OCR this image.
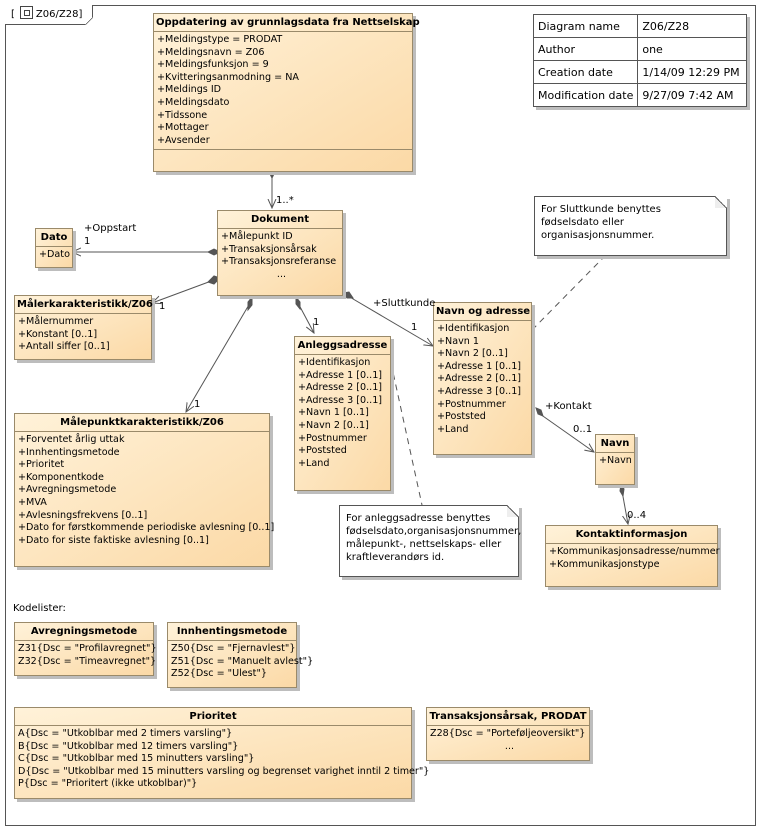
[ Z06/Z28]
Diagram name	Z06/Z28
Author	one
Creation date	1/14/09 12:29 PM
Modification date	9/27/09 7:42 AM
Oppdatering av grunnlagsdata fra Nettselskap
+Meldingstype = PRODAT
+Meldingsnavn = Z06
+Meldingsfunksjon = 9
+Kvitteringsanmodning = NA
+Meldings ID
+Meldingsdato
+Tidssone
+Mottager
+Avsender
Dokument
+Målepunkt ID
+Transaksjonsårsak
+Transaksjonsreferanse
...
Dato
+Dato
Målerkarakteristikk/Z06
+Målernummer
+Konstant [0..1]
+Antall siffer [0..1]
Målepunktkarakteristikk/Z06
+Forventet årlig uttak
+Innhentingsmetode
+Prioritet
+Komponentkode
+Avregningsmetode
+MVA
+Avlesningsfrekvens [0..1]
+Dato for førstkommende periodiske avlesning [0..1]
+Dato for siste faktiske avlesning [0..1]
Anleggsadresse
+Identifikasjon
+Adresse 1 [0..1]
+Adresse 2 [0..1]
+Adresse 3 [0..1]
+Navn 1 [0..1]
+Navn 2 [0..1]
+Postnummer
+Poststed
+Land
Navn og adresse
+Identifikasjon
+Navn 1
+Navn 2 [0..1]
+Adresse 1 [0..1]
+Adresse 2 [0..1]
+Adresse 3 [0..1]
+Postnummer
+Poststed
+Land
Navn
+Navn
Kontaktinformasjon
+Kommunikasjonsadresse/nummer
+Kommunikasjonstype
For Sluttkunde benyttes fødselsdato eller organisasjonsnummer.
For anleggsadresse benyttes fødselsdato,organisasjonsnummer, målepunkt-, nettselskaps- eller kraftleverandørs id.
1..*
+Oppstart
1
1
1
1
+Sluttkunde
1
+Kontakt
0..1
0..4
Kodelister:
Avregningsmetode
Z31{Dsc = "Profilavregnet"}
Z32{Dsc = "Timeavregnet"}
Innhentingsmetode
Z50{Dsc = "Fjernavlest"}
Z51{Dsc = "Manuelt avlest"}
Z52{Dsc = "Ulest"}
Prioritet
A{Dsc = "Utkoblbar med 2 timers varsling"}
B{Dsc = "Utkoblbar med 12 timers varsling"}
C{Dsc = "Utkoblbar med 15 minutters varsling"}
D{Dsc = "Utkoblbar med 15 minutters varsling og begrenset varighet inntil 2 timer"}
P{Dsc = "Prioritert (ikke utkoblbar)"}
Transaksjonsårsak, PRODAT
Z28{Dsc = "Porteføljeoversikt"}
...
